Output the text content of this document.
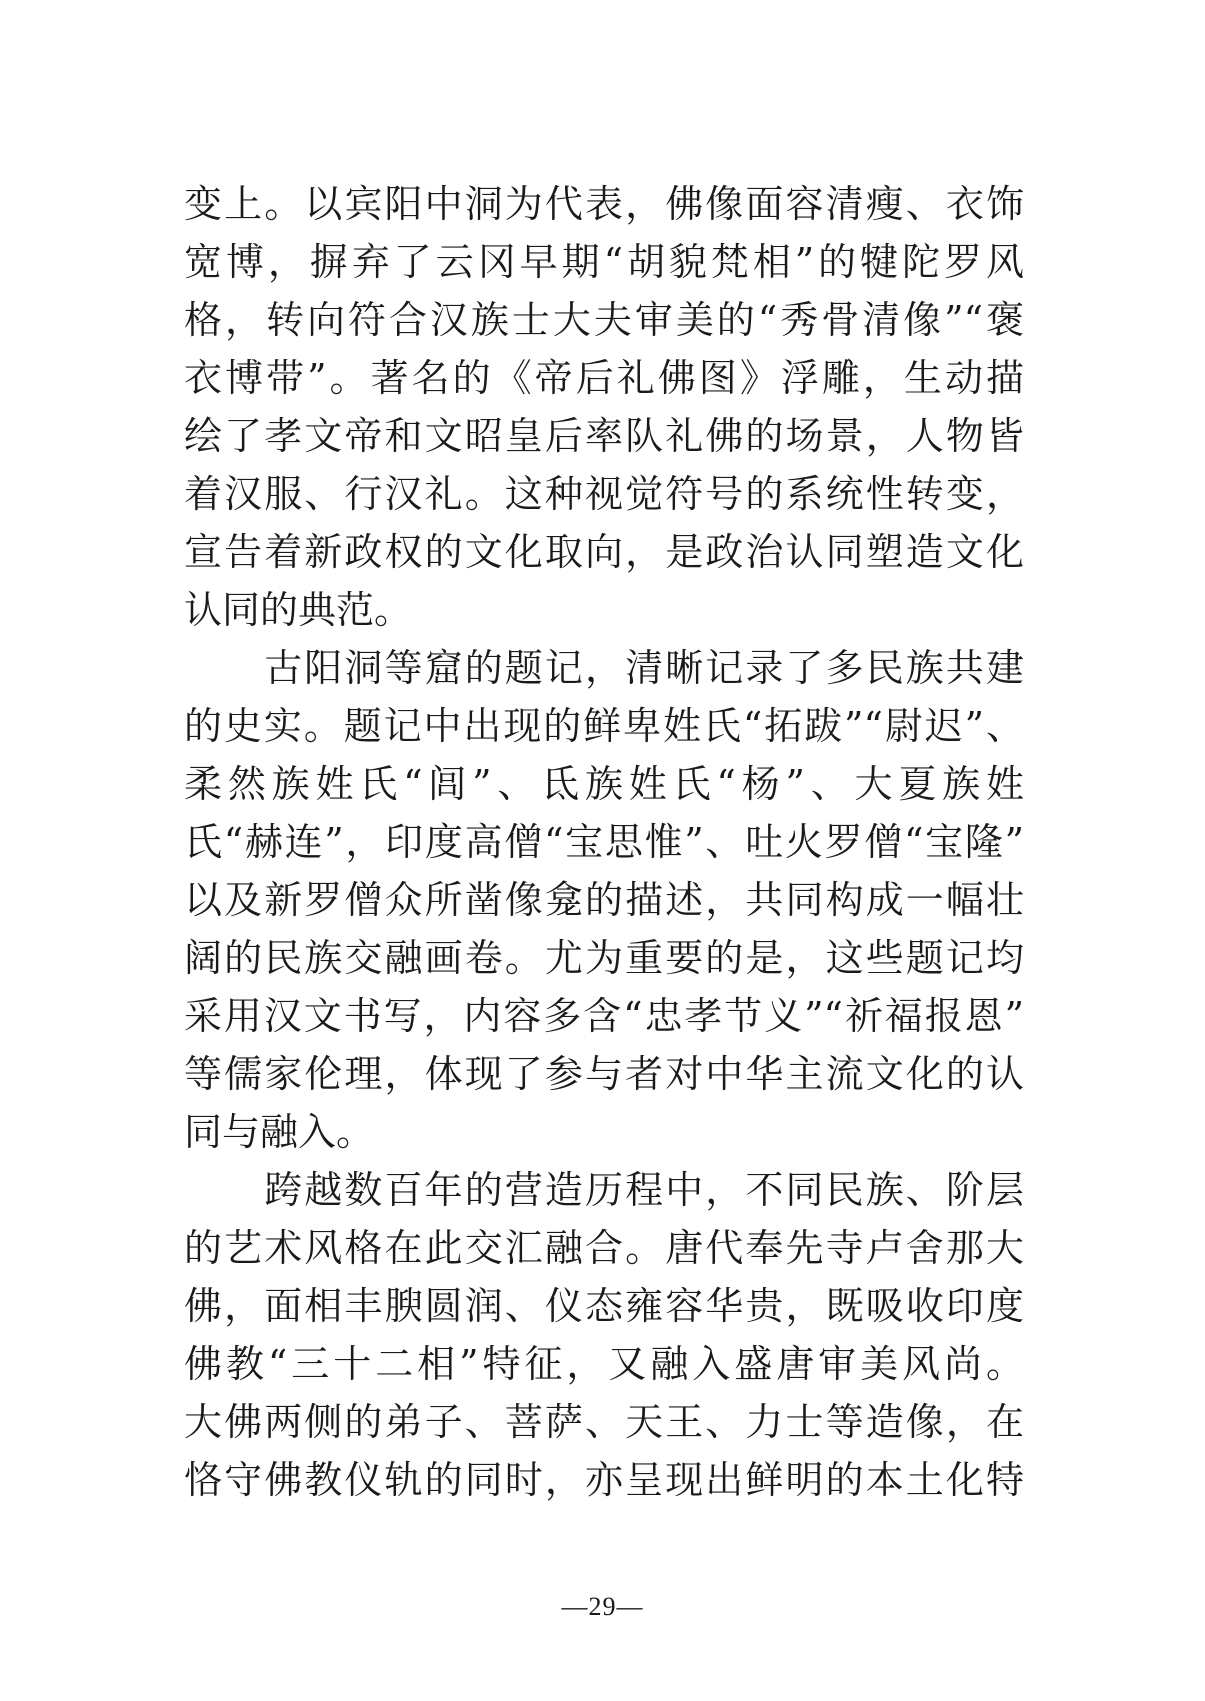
变上。以宾阳中洞为代表，佛像面容清瘦、衣饰
宽博，摒弃了云冈早期“胡貌梵相”的犍陀罗风
格，转向符合汉族士大夫审美的“秀骨清像”“褒
衣博带”。著名的《帝后礼佛图》浮雕，生动描
绘了孝文帝和文昭皇后率队礼佛的场景，人物皆
着汉服、行汉礼。这种视觉符号的系统性转变，
宣告着新政权的文化取向，是政治认同塑造文化
认同的典范。
　　古阳洞等窟的题记，清晰记录了多民族共建
的史实。题记中出现的鲜卑姓氏“拓跋”“尉迟”、
柔然族姓氏“闾”、氐族姓氏“杨”、大夏族姓
氏“赫连”，印度高僧“宝思惟”、吐火罗僧“宝隆”
以及新罗僧众所凿像龛的描述，共同构成一幅壮
阔的民族交融画卷。尤为重要的是，这些题记均
采用汉文书写，内容多含“忠孝节义”“祈福报恩”
等儒家伦理，体现了参与者对中华主流文化的认
同与融入。
　　跨越数百年的营造历程中，不同民族、阶层
的艺术风格在此交汇融合。唐代奉先寺卢舍那大
佛，面相丰腴圆润、仪态雍容华贵，既吸收印度
佛教“三十二相”特征，又融入盛唐审美风尚。
大佛两侧的弟子、菩萨、天王、力士等造像，在
恪守佛教仪轨的同时，亦呈现出鲜明的本土化特
—29—
